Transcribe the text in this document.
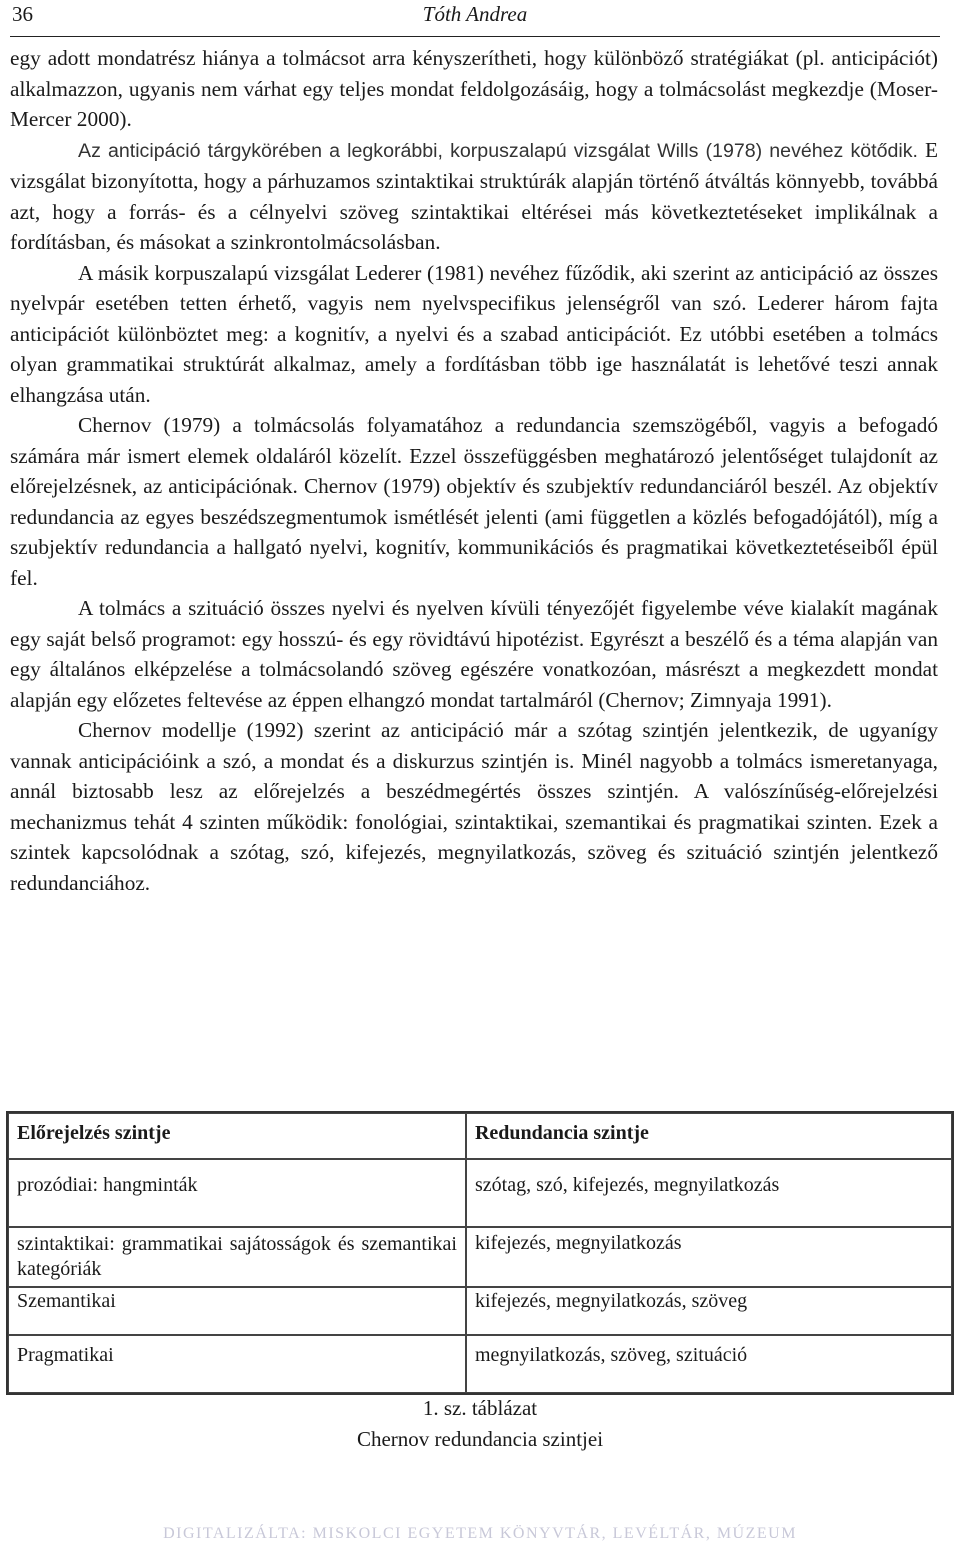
36	Tóth Andrea

egy adott mondatrész hiánya a tolmácsot arra kényszerítheti, hogy különböző stratégiákat (pl. anticipációt) alkalmazzon, ugyanis nem várhat egy teljes mondat feldolgozásáig, hogy a tolmácsolást megkezdje (Moser-Mercer 2000).

Az anticipáció tárgykörében a legkorábbi, korpuszalapú vizsgálat Wills (1978) nevéhez kötődik. E vizsgálat bizonyította, hogy a párhuzamos szintaktikai struktúrák alapján történő átváltás könnyebb, továbbá azt, hogy a forrás- és a célnyelvi szöveg szintaktikai eltérései más következtetéseket implikálnak a fordításban, és másokat a szinkrontolmácsolásban.

A másik korpuszalapú vizsgálat Lederer (1981) nevéhez fűződik, aki szerint az anticipáció az összes nyelvpár esetében tetten érhető, vagyis nem nyelvspecifikus jelenségről van szó. Lederer három fajta anticipációt különböztet meg: a kognitív, a nyelvi és a szabad anticipációt. Ez utóbbi esetében a tolmács olyan grammatikai struktúrát alkalmaz, amely a fordításban több ige használatát is lehetővé teszi annak elhangzása után.

Chernov (1979) a tolmácsolás folyamatához a redundancia szemszögéből, vagyis a befogadó számára már ismert elemek oldaláról közelít. Ezzel összefüggésben meghatározó jelentőséget tulajdonít az előrejelzésnek, az anticipációnak. Chernov (1979) objektív és szubjektív redundanciáról beszél. Az objektív redundancia az egyes beszédszegmentumok ismétlését jelenti (ami független a közlés befogadójától), míg a szubjektív redundancia a hallgató nyelvi, kognitív, kommunikációs és pragmatikai következtetéseiből épül fel.

A tolmács a szituáció összes nyelvi és nyelven kívüli tényezőjét figyelembe véve kialakít magának egy saját belső programot: egy hosszú- és egy rövidtávú hipotézist. Egyrészt a beszélő és a téma alapján van egy általános elképzelése a tolmácsolandó szöveg egészére vonatkozóan, másrészt a megkezdett mondat alapján egy előzetes feltevése az éppen elhangzó mondat tartalmáról (Chernov; Zimnyaja 1991).

Chernov modellje (1992) szerint az anticipáció már a szótag szintjén jelentkezik, de ugyanígy vannak anticipációink a szó, a mondat és a diskurzus szintjén is. Minél nagyobb a tolmács ismeretanyaga, annál biztosabb lesz az előrejelzés a beszédmegértés összes szintjén. A valószínűség-előrejelzési mechanizmus tehát 4 szinten működik: fonológiai, szintaktikai, szemantikai és pragmatikai szinten. Ezek a szintek kapcsolódnak a szótag, szó, kifejezés, megnyilatkozás, szöveg és szituáció szintjén jelentkező redundanciához.

Előrejelzés szintje	Redundancia szintje
prozódiai: hangminták	szótag, szó, kifejezés, megnyilatkozás
szintaktikai: grammatikai sajátosságok és szemantikai kategóriák	kifejezés, megnyilatkozás
Szemantikai	kifejezés, megnyilatkozás, szöveg
Pragmatikai	megnyilatkozás, szöveg, szituáció
1. sz. táblázat
Chernov redundancia szintjei
DIGITALIZÁLTA: MISKOLCI EGYETEM KÖNYVTÁR, LEVÉLTÁR, MÚZEUM
